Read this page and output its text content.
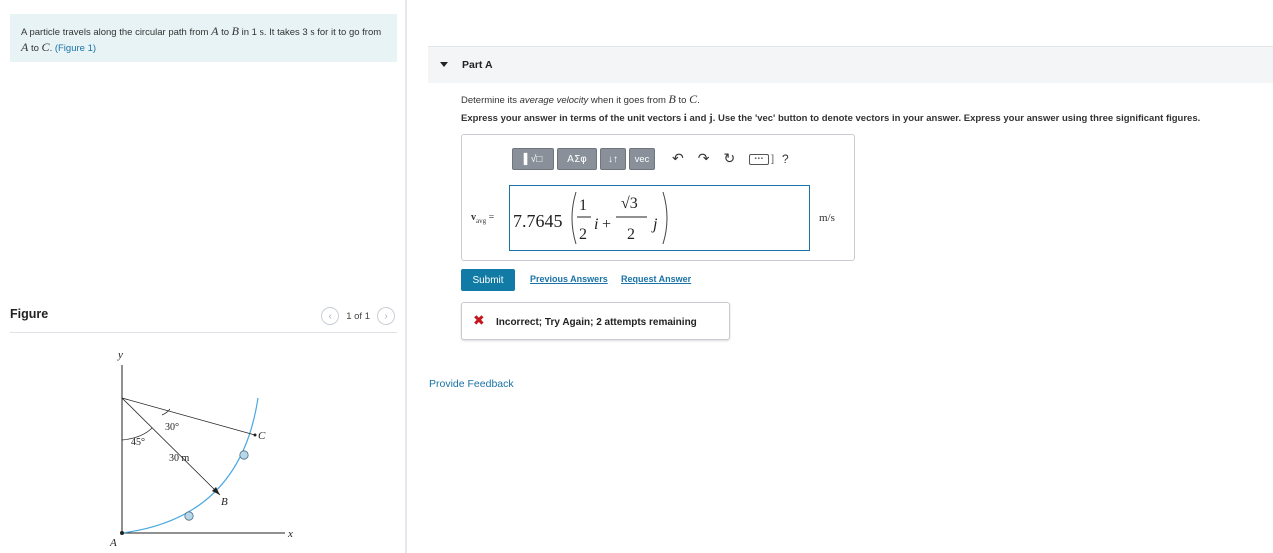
A particle travels along the circular path from A to B in 1 s. It takes 3 s for it to go from A to C. (Figure 1)
Figure	‹ 1 of 1 ›
y
x
30°
45°
30 m
A
B
C
Part A
Determine its average velocity when it goes from B to C.
Express your answer in terms of the unit vectors i and j. Use the 'vec' button to denote vectors in your answer. Express your answer using three significant figures.
▌√□	ΑΣφ	↓↑	vec	↶ ↷ ↻	▪▪▪ ] ?
$v_{avg} = 7.7645$
1
2
i +
√3
2
j	m/s
Submit	Previous Answers Request Answer
✖ Incorrect; Try Again; 2 attempts remaining
Provide Feedback
